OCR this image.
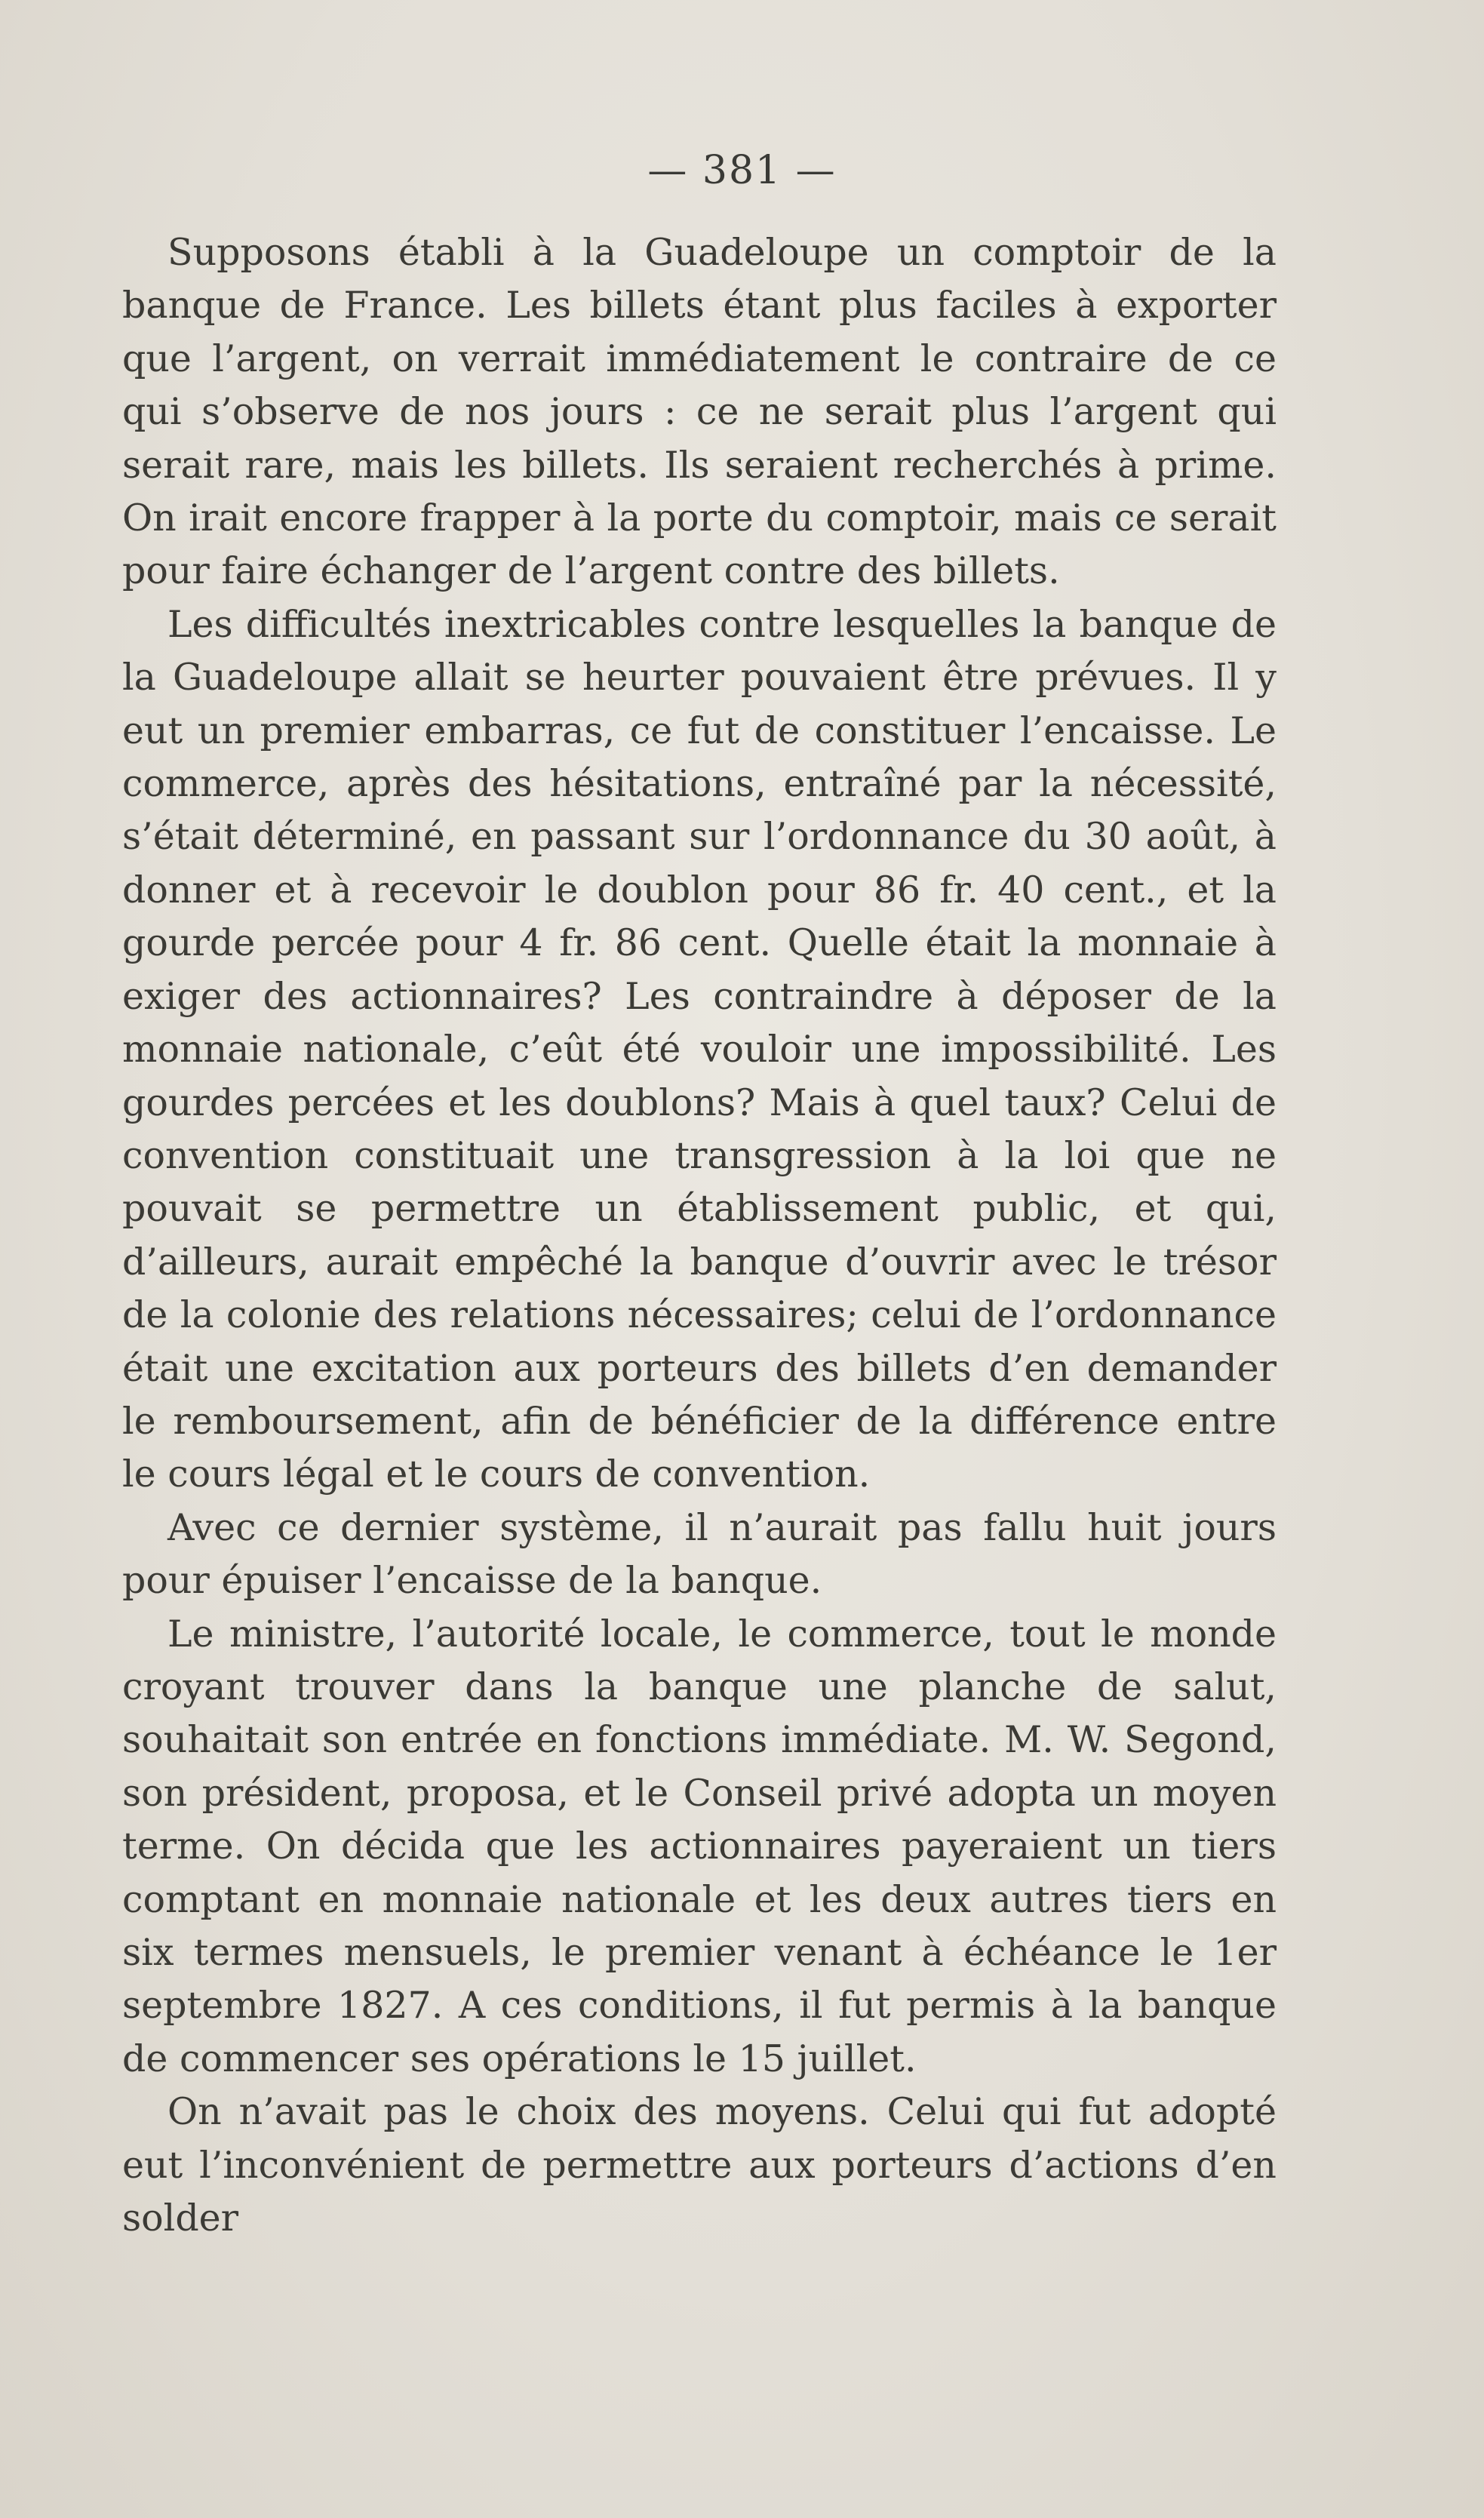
— 381 —

Supposons établi à la Guadeloupe un comptoir de la banque de France. Les billets étant plus faciles à exporter que l’argent, on verrait immédiatement le contraire de ce qui s’observe de nos jours : ce ne serait plus l’argent qui serait rare, mais les billets. Ils seraient recherchés à prime. On irait encore frapper à la porte du comptoir, mais ce serait pour faire échanger de l’argent contre des billets.

Les difficultés inextricables contre lesquelles la banque de la Guadeloupe allait se heurter pouvaient être prévues. Il y eut un premier embarras, ce fut de constituer l’encaisse. Le commerce, après des hésitations, entraîné par la nécessité, s’était déterminé, en passant sur l’ordonnance du 30 août, à donner et à recevoir le doublon pour 86 fr. 40 cent., et la gourde percée pour 4 fr. 86 cent. Quelle était la monnaie à exiger des actionnaires? Les contraindre à déposer de la monnaie nationale, c’eût été vouloir une impossibilité. Les gourdes percées et les doublons? Mais à quel taux? Celui de convention constituait une transgression à la loi que ne pouvait se permettre un établissement public, et qui, d’ailleurs, aurait empêché la banque d’ouvrir avec le trésor de la colonie des relations nécessaires; celui de l’ordonnance était une excitation aux porteurs des billets d’en demander le remboursement, afin de bénéficier de la différence entre le cours légal et le cours de convention.

Avec ce dernier système, il n’aurait pas fallu huit jours pour épuiser l’encaisse de la banque.

Le ministre, l’autorité locale, le commerce, tout le monde croyant trouver dans la banque une planche de salut, souhaitait son entrée en fonctions immédiate. M. W. Segond, son président, proposa, et le Conseil privé adopta un moyen terme. On décida que les actionnaires payeraient un tiers comptant en monnaie nationale et les deux autres tiers en six termes mensuels, le premier venant à échéance le 1er septembre 1827. A ces conditions, il fut permis à la banque de commencer ses opérations le 15 juillet.

On n’avait pas le choix des moyens. Celui qui fut adopté eut l’inconvénient de permettre aux porteurs d’actions d’en solder
